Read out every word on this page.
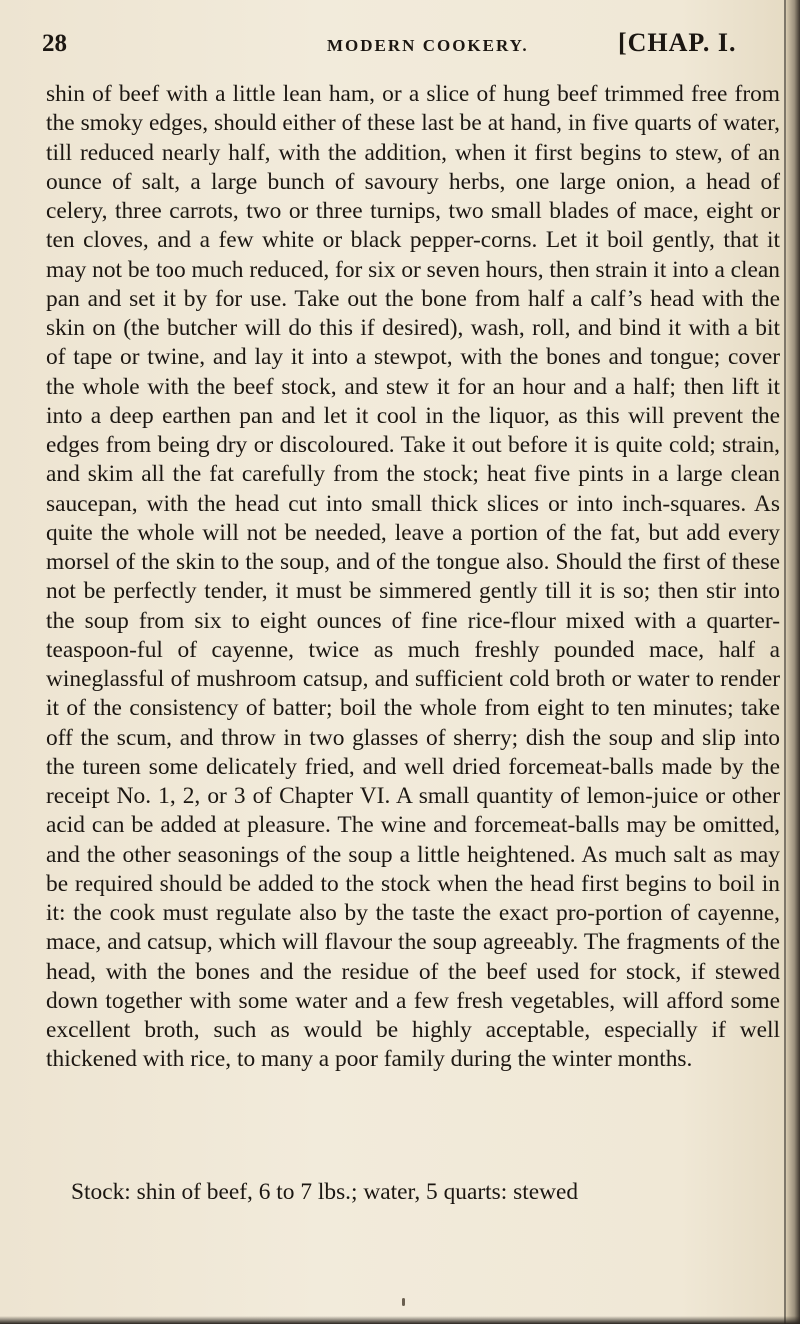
28	MODERN COOKERY.	[CHAP. I.

shin of beef with a little lean ham, or a slice of hung beef trimmed free from the smoky edges, should either of these last be at hand, in five quarts of water, till reduced nearly half, with the addition, when it first begins to stew, of an ounce of salt, a large bunch of savoury herbs, one large onion, a head of celery, three carrots, two or three turnips, two small blades of mace, eight or ten cloves, and a few white or black pepper-corns. Let it boil gently, that it may not be too much reduced, for six or seven hours, then strain it into a clean pan and set it by for use. Take out the bone from half a calf’s head with the skin on (the butcher will do this if desired), wash, roll, and bind it with a bit of tape or twine, and lay it into a stewpot, with the bones and tongue; cover the whole with the beef stock, and stew it for an hour and a half; then lift it into a deep earthen pan and let it cool in the liquor, as this will prevent the edges from being dry or discoloured. Take it out before it is quite cold; strain, and skim all the fat carefully from the stock; heat five pints in a large clean saucepan, with the head cut into small thick slices or into inch-squares. As quite the whole will not be needed, leave a portion of the fat, but add every morsel of the skin to the soup, and of the tongue also. Should the first of these not be perfectly tender, it must be simmered gently till it is so; then stir into the soup from six to eight ounces of fine rice-flour mixed with a quarter-teaspoon-ful of cayenne, twice as much freshly pounded mace, half a wineglassful of mushroom catsup, and sufficient cold broth or water to render it of the consistency of batter; boil the whole from eight to ten minutes; take off the scum, and throw in two glasses of sherry; dish the soup and slip into the tureen some delicately fried, and well dried forcemeat-balls made by the receipt No. 1, 2, or 3 of Chapter VI. A small quantity of lemon-juice or other acid can be added at pleasure. The wine and forcemeat-balls may be omitted, and the other seasonings of the soup a little heightened. As much salt as may be required should be added to the stock when the head first begins to boil in it: the cook must regulate also by the taste the exact pro-portion of cayenne, mace, and catsup, which will flavour the soup agreeably. The fragments of the head, with the bones and the residue of the beef used for stock, if stewed down together with some water and a few fresh vegetables, will afford some excellent broth, such as would be highly acceptable, especially if well thickened with rice, to many a poor family during the winter months.

Stock: shin of beef, 6 to 7 lbs.; water, 5 quarts: stewed
